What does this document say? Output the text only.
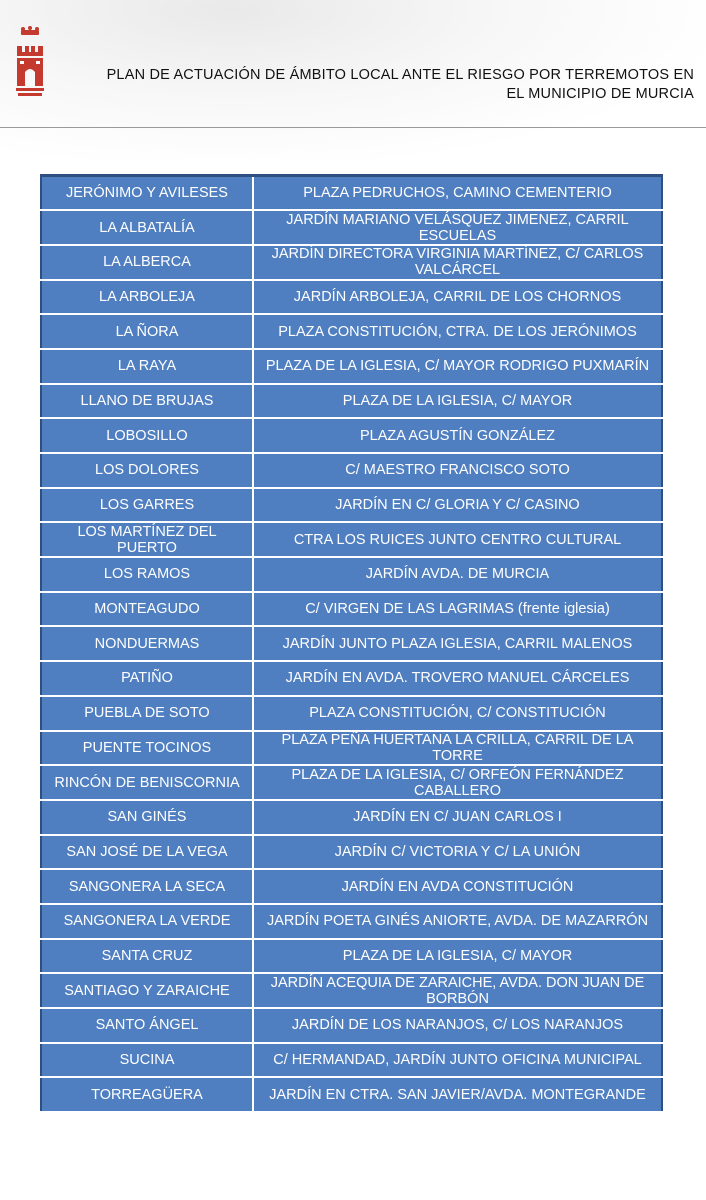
PLAN DE ACTUACIÓN DE ÁMBITO LOCAL ANTE EL RIESGO POR TERREMOTOS EN
EL MUNICIPIO DE MURCIA
JERÓNIMO Y AVILESES	PLAZA PEDRUCHOS, CAMINO CEMENTERIO
LA ALBATALÍA	JARDÍN MARIANO VELÁSQUEZ JIMENEZ, CARRIL ESCUELAS
LA ALBERCA	JARDÍN DIRECTORA VIRGINIA MARTÍNEZ, C/ CARLOS VALCÁRCEL
LA ARBOLEJA	JARDÍN ARBOLEJA, CARRIL DE LOS CHORNOS
LA ÑORA	PLAZA CONSTITUCIÓN, CTRA. DE LOS JERÓNIMOS
LA RAYA	PLAZA DE LA IGLESIA, C/ MAYOR RODRIGO PUXMARÍN
LLANO DE BRUJAS	PLAZA DE LA IGLESIA, C/ MAYOR
LOBOSILLO	PLAZA AGUSTÍN GONZÁLEZ
LOS DOLORES	C/ MAESTRO FRANCISCO SOTO
LOS GARRES	JARDÍN EN C/ GLORIA Y C/ CASINO
LOS MARTÍNEZ DEL PUERTO	CTRA LOS RUICES JUNTO CENTRO CULTURAL
LOS RAMOS	JARDÍN AVDA. DE MURCIA
MONTEAGUDO	C/ VIRGEN DE LAS LAGRIMAS (frente iglesia)
NONDUERMAS	JARDÍN JUNTO PLAZA IGLESIA, CARRIL MALENOS
PATIÑO	JARDÍN EN AVDA. TROVERO MANUEL CÁRCELES
PUEBLA DE SOTO	PLAZA CONSTITUCIÓN, C/ CONSTITUCIÓN
PUENTE TOCINOS	PLAZA PEÑA HUERTANA LA CRILLA, CARRIL DE LA TORRE
RINCÓN DE BENISCORNIA	PLAZA DE LA IGLESIA, C/ ORFEÓN FERNÁNDEZ CABALLERO
SAN GINÉS	JARDÍN EN C/ JUAN CARLOS I
SAN JOSÉ DE LA VEGA	JARDÍN C/ VICTORIA Y C/ LA UNIÓN
SANGONERA LA SECA	JARDÍN EN AVDA CONSTITUCIÓN
SANGONERA LA VERDE	JARDÍN POETA GINÉS ANIORTE, AVDA. DE MAZARRÓN
SANTA CRUZ	PLAZA DE LA IGLESIA, C/ MAYOR
SANTIAGO Y ZARAICHE	JARDÍN ACEQUIA DE ZARAICHE, AVDA. DON JUAN DE BORBÓN
SANTO ÁNGEL	JARDÍN DE LOS NARANJOS, C/ LOS NARANJOS
SUCINA	C/ HERMANDAD, JARDÍN JUNTO OFICINA MUNICIPAL
TORREAGÜERA	JARDÍN EN CTRA. SAN JAVIER/AVDA. MONTEGRANDE
